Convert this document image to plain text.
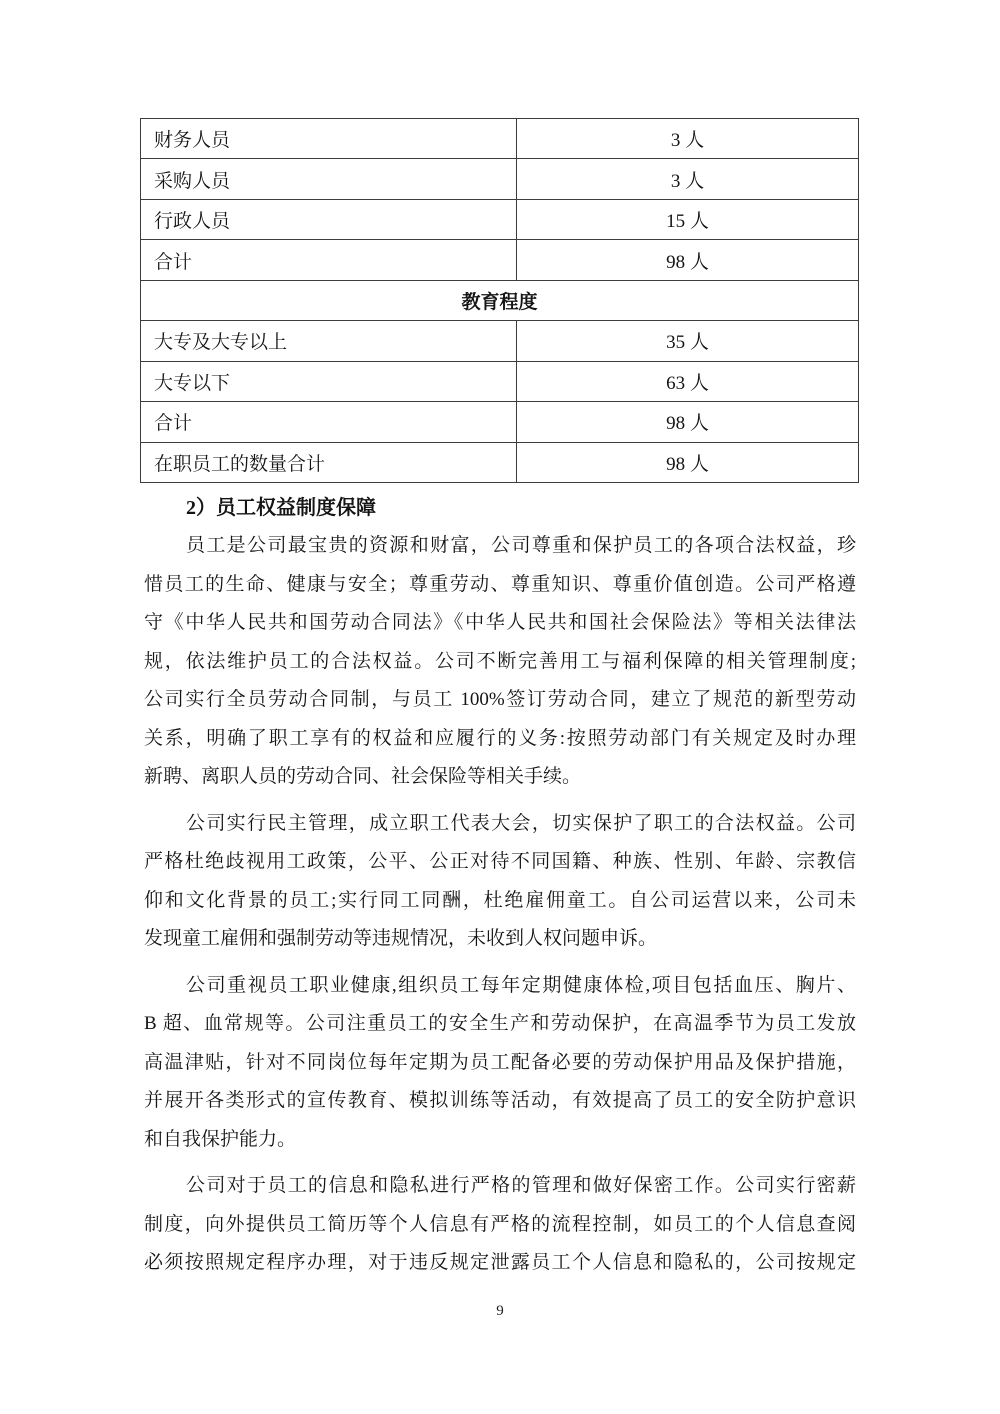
财务人员	3 人
采购人员	3 人
行政人员	15 人
合计	98 人
教育程度	
大专及大专以上	35 人
大专以下	63 人
合计	98 人
在职员工的数量合计	98 人
2）员工权益制度保障
员工是公司最宝贵的资源和财富，公司尊重和保护员工的各项合法权益，珍
惜员工的生命、健康与安全；尊重劳动、尊重知识、尊重价值创造。公司严格遵
守《中华人民共和国劳动合同法》《中华人民共和国社会保险法》等相关法律法
规，依法维护员工的合法权益。公司不断完善用工与福利保障的相关管理制度;
公司实行全员劳动合同制，与员工 100%签订劳动合同，建立了规范的新型劳动
关系，明确了职工享有的权益和应履行的义务:按照劳动部门有关规定及时办理
新聘、离职人员的劳动合同、社会保险等相关手续。
公司实行民主管理，成立职工代表大会，切实保护了职工的合法权益。公司
严格杜绝歧视用工政策，公平、公正对待不同国籍、种族、性别、年龄、宗教信
仰和文化背景的员工;实行同工同酬，杜绝雇佣童工。自公司运营以来，公司未
发现童工雇佣和强制劳动等违规情况，未收到人权问题申诉。
公司重视员工职业健康,组织员工每年定期健康体检,项目包括血压、胸片、
B 超、血常规等。公司注重员工的安全生产和劳动保护，在高温季节为员工发放
高温津贴，针对不同岗位每年定期为员工配备必要的劳动保护用品及保护措施，
并展开各类形式的宣传教育、模拟训练等活动，有效提高了员工的安全防护意识
和自我保护能力。
公司对于员工的信息和隐私进行严格的管理和做好保密工作。公司实行密薪
制度，向外提供员工简历等个人信息有严格的流程控制，如员工的个人信息查阅
必须按照规定程序办理，对于违反规定泄露员工个人信息和隐私的，公司按规定
9
